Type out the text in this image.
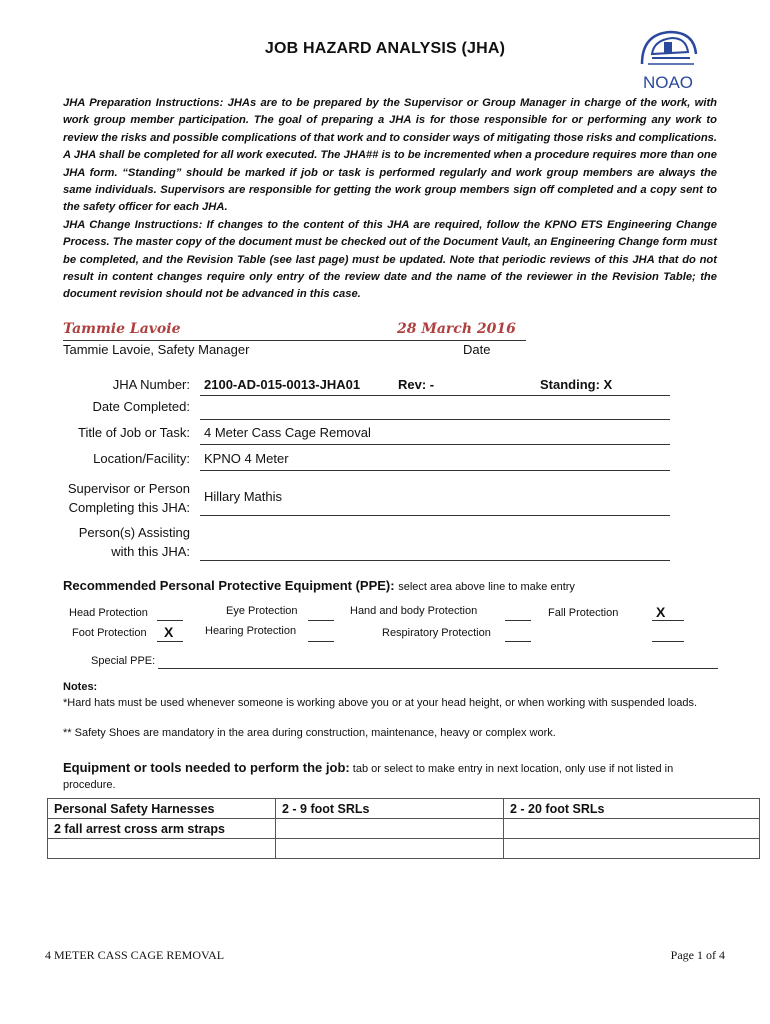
JOB HAZARD ANALYSIS (JHA)
NOAO

JHA Preparation Instructions: JHAs are to be prepared by the Supervisor or Group Manager in charge of the work, with work group member participation. The goal of preparing a JHA is for those responsible for or performing any work to review the risks and possible complications of that work and to consider ways of mitigating those risks and complications. A JHA shall be completed for all work executed. The JHA## is to be incremented when a procedure requires more than one JHA form. “Standing” should be marked if job or task is performed regularly and work group members are always the same individuals. Supervisors are responsible for getting the work group members sign off completed and a copy sent to the safety officer for each JHA.

JHA Change Instructions: If changes to the content of this JHA are required, follow the KPNO ETS Engineering Change Process. The master copy of the document must be checked out of the Document Vault, an Engineering Change form must be completed, and the Revision Table (see last page) must be updated. Note that periodic reviews of this JHA that do not result in content changes require only entry of the review date and the name of the reviewer in the Revision Table; the document revision should not be advanced in this case.

Tammie Lavoie	28 March 2016
Tammie Lavoie, Safety Manager	Date
JHA Number: 2100-AD-015-0013-JHA01	Rev: -	Standing: X
Date Completed:
Title of Job or Task: 4 Meter Cass Cage Removal
Location/Facility: KPNO 4 Meter
Supervisor or Person
Completing this JHA:
Hillary Mathis
Person(s) Assisting
with this JHA:
Recommended Personal Protective Equipment (PPE): select area above line to make entry
Head Protection	Eye Protection	Hand and body Protection	Fall Protection	X
Foot Protection X	Hearing Protection	Respiratory Protection
Special PPE:
Notes:
*Hard hats must be used whenever someone is working above you or at your head height, or when working with suspended loads.
** Safety Shoes are mandatory in the area during construction, maintenance, heavy or complex work.
Equipment or tools needed to perform the job: tab or select to make entry in next location, only use if not listed in procedure.
Personal Safety Harnesses	2 - 9 foot SRLs	2 - 20 foot SRLs
2 fall arrest cross arm straps		

4 METER CASS CAGE REMOVAL	Page 1 of 4
